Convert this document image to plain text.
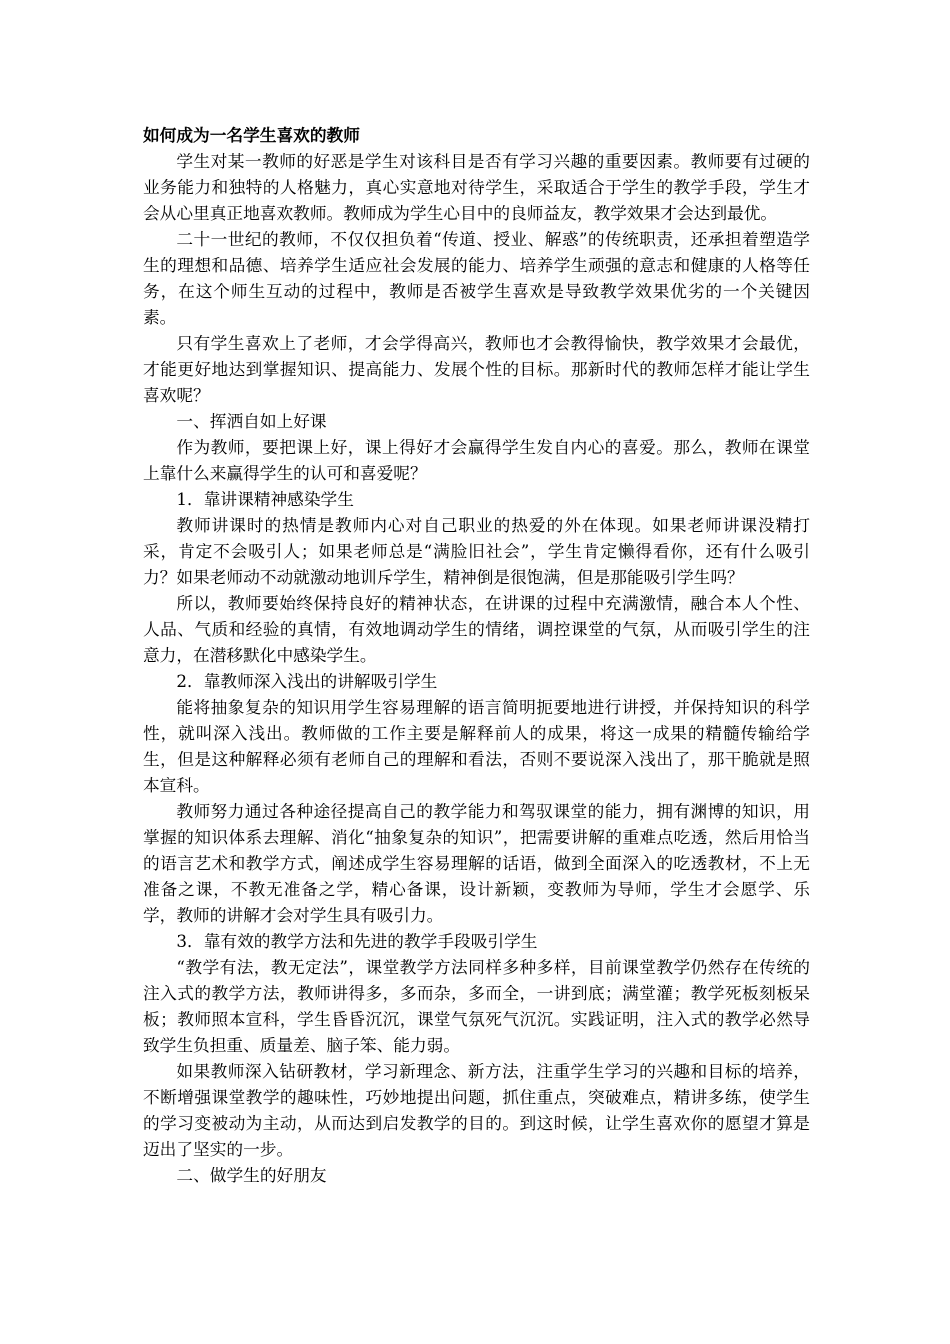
如何成为一名学生喜欢的教师

学生对某一教师的好恶是学生对该科目是否有学习兴趣的重要因素。教师要有过硬的业务能力和独特的人格魅力，真心实意地对待学生，采取适合于学生的教学手段，学生才会从心里真正地喜欢教师。教师成为学生心目中的良师益友，教学效果才会达到最优。

二十一世纪的教师，不仅仅担负着“传道、授业、解惑”的传统职责，还承担着塑造学生的理想和品德、培养学生适应社会发展的能力、培养学生顽强的意志和健康的人格等任务，在这个师生互动的过程中，教师是否被学生喜欢是导致教学效果优劣的一个关键因素。

只有学生喜欢上了老师，才会学得高兴，教师也才会教得愉快，教学效果才会最优，才能更好地达到掌握知识、提高能力、发展个性的目标。那新时代的教师怎样才能让学生喜欢呢？

一、挥洒自如上好课

作为教师，要把课上好，课上得好才会赢得学生发自内心的喜爱。那么，教师在课堂上靠什么来赢得学生的认可和喜爱呢？

1．靠讲课精神感染学生

教师讲课时的热情是教师内心对自己职业的热爱的外在体现。如果老师讲课没精打采，肯定不会吸引人；如果老师总是“满脸旧社会”，学生肯定懒得看你，还有什么吸引力？如果老师动不动就激动地训斥学生，精神倒是很饱满，但是那能吸引学生吗？

所以，教师要始终保持良好的精神状态，在讲课的过程中充满激情，融合本人个性、人品、气质和经验的真情，有效地调动学生的情绪，调控课堂的气氛，从而吸引学生的注意力，在潜移默化中感染学生。

2．靠教师深入浅出的讲解吸引学生

能将抽象复杂的知识用学生容易理解的语言简明扼要地进行讲授，并保持知识的科学性，就叫深入浅出。教师做的工作主要是解释前人的成果，将这一成果的精髓传输给学生，但是这种解释必须有老师自己的理解和看法，否则不要说深入浅出了，那干脆就是照本宣科。

教师努力通过各种途径提高自己的教学能力和驾驭课堂的能力，拥有渊博的知识，用掌握的知识体系去理解、消化“抽象复杂的知识”，把需要讲解的重难点吃透，然后用恰当的语言艺术和教学方式，阐述成学生容易理解的话语，做到全面深入的吃透教材，不上无准备之课，不教无准备之学，精心备课，设计新颖，变教师为导师，学生才会愿学、乐学，教师的讲解才会对学生具有吸引力。

3．靠有效的教学方法和先进的教学手段吸引学生

“教学有法，教无定法”，课堂教学方法同样多种多样，目前课堂教学仍然存在传统的注入式的教学方法，教师讲得多，多而杂，多而全，一讲到底；满堂灌；教学死板刻板呆板；教师照本宣科，学生昏昏沉沉，课堂气氛死气沉沉。实践证明，注入式的教学必然导致学生负担重、质量差、脑子笨、能力弱。

如果教师深入钻研教材，学习新理念、新方法，注重学生学习的兴趣和目标的培养，不断增强课堂教学的趣味性，巧妙地提出问题，抓住重点，突破难点，精讲多练，使学生的学习变被动为主动，从而达到启发教学的目的。到这时候，让学生喜欢你的愿望才算是迈出了坚实的一步。

二、做学生的好朋友
